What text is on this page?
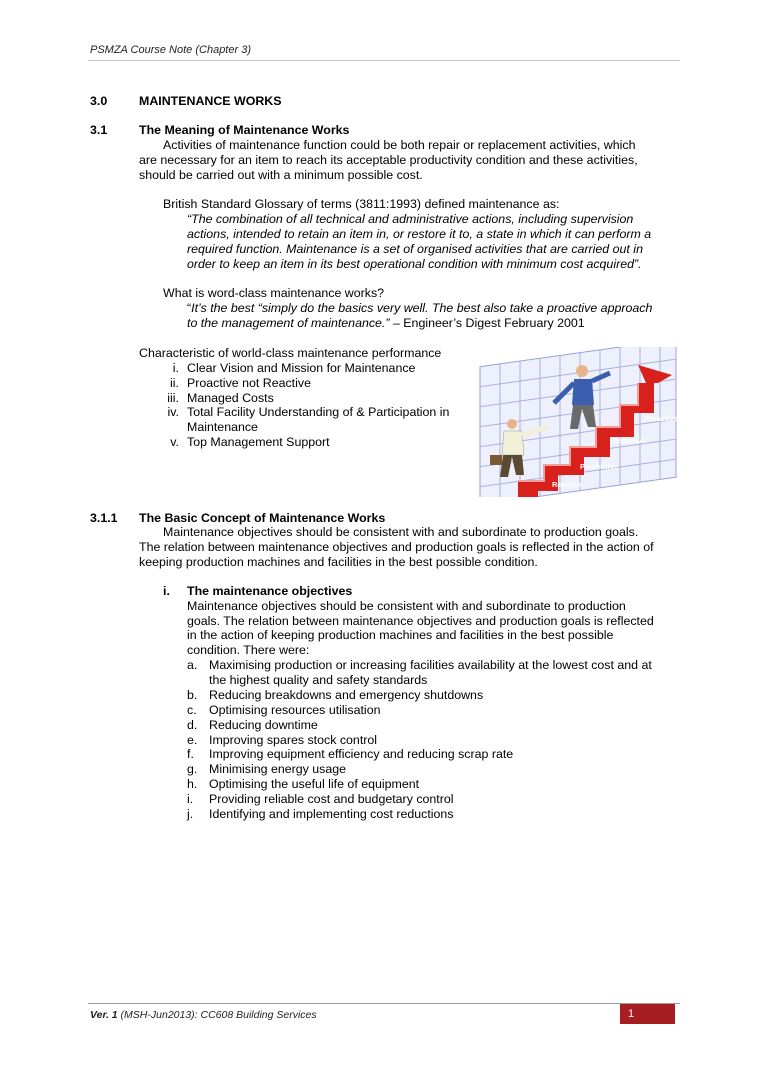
PSMZA Course Note (Chapter 3)
3.0	MAINTENANCE WORKS
3.1	The Meaning of Maintenance Works
Activities of maintenance function could be both repair or replacement activities, which
are necessary for an item to reach its acceptable productivity condition and these activities,
should be carried out with a minimum possible cost.
British Standard Glossary of terms (3811:1993) defined maintenance as:
“The combination of all technical and administrative actions, including supervision
actions, intended to retain an item in, or restore it to, a state in which it can perform a
required function. Maintenance is a set of organised activities that are carried out in
order to keep an item in its best operational condition with minimum cost acquired”.
What is word-class maintenance works?
“It’s the best “simply do the basics very well. The best also take a proactive approach
to the management of maintenance.” – Engineer’s Digest February 2001
Characteristic of world-class maintenance performance
i. Clear Vision and Mission for Maintenance
ii. Proactive not Reactive
iii. Managed Costs
iv. Total Facility Understanding of & Participation in
Maintenance
v. Top Management Support
Proactive
Predictive
Preventive
Reactive
3.1.1 The Basic Concept of Maintenance Works
Maintenance objectives should be consistent with and subordinate to production goals.
The relation between maintenance objectives and production goals is reflected in the action of
keeping production machines and facilities in the best possible condition.
i. The maintenance objectives
Maintenance objectives should be consistent with and subordinate to production
goals. The relation between maintenance objectives and production goals is reflected
in the action of keeping production machines and facilities in the best possible
condition. There were:
a. Maximising production or increasing facilities availability at the lowest cost and at
the highest quality and safety standards
b. Reducing breakdowns and emergency shutdowns
c. Optimising resources utilisation
d. Reducing downtime
e. Improving spares stock control
f. Improving equipment efficiency and reducing scrap rate
g. Minimising energy usage
h. Optimising the useful life of equipment
i. Providing reliable cost and budgetary control
j. Identifying and implementing cost reductions
Ver. 1 (MSH-Jun2013): CC608 Building Services	1
